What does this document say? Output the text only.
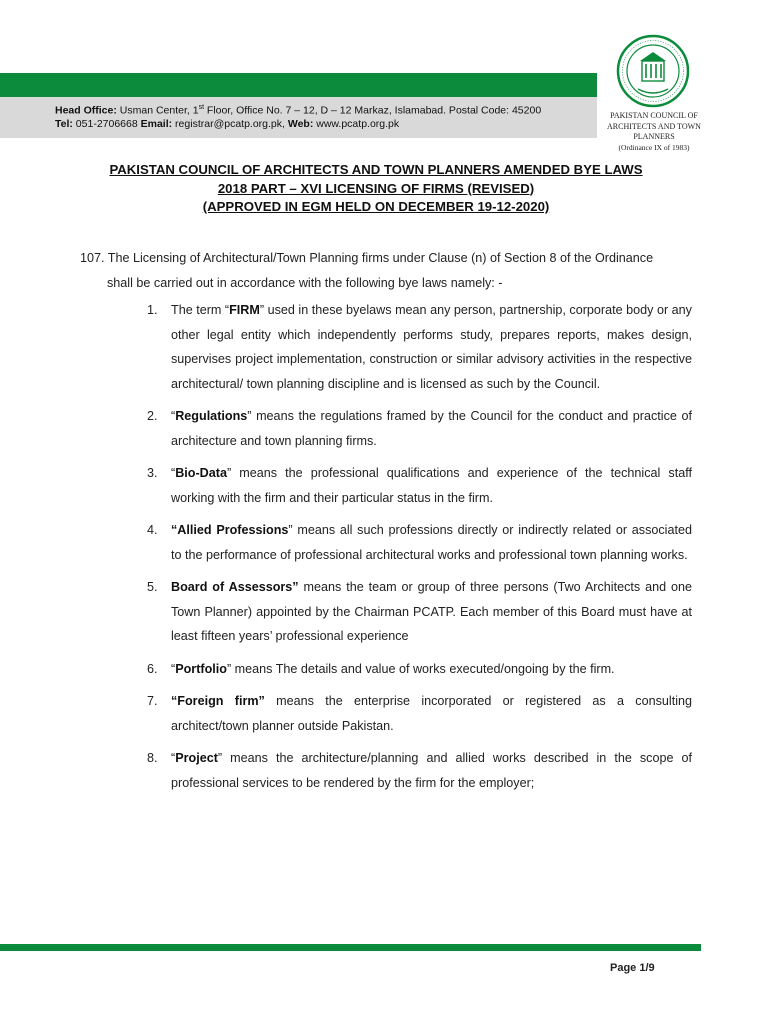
Head Office: Usman Center, 1st Floor, Office No. 7 – 12, D – 12 Markaz, Islamabad. Postal Code: 45200
Tel: 051-2706668 Email: registrar@pcatp.org.pk, Web: www.pcatp.org.pk
PAKISTAN COUNCIL OF
ARCHITECTS AND TOWN
PLANNERS
(Ordinance IX of 1983)
PAKISTAN COUNCIL OF ARCHITECTS AND TOWN PLANNERS AMENDED BYE LAWS
2018 PART – XVI LICENSING OF FIRMS (REVISED)
(APPROVED IN EGM HELD ON DECEMBER 19-12-2020)
107. The Licensing of Architectural/Town Planning firms under Clause (n) of Section 8 of the Ordinance
shall be carried out in accordance with the following bye laws namely: -
1. The term “FIRM” used in these byelaws mean any person, partnership, corporate body or any other legal entity which independently performs study, prepares reports, makes design, supervises project implementation, construction or similar advisory activities in the respective architectural/ town planning discipline and is licensed as such by the Council.
2. “Regulations” means the regulations framed by the Council for the conduct and practice of architecture and town planning firms.
3. “Bio-Data” means the professional qualifications and experience of the technical staff working with the firm and their particular status in the firm.
4. “Allied Professions” means all such professions directly or indirectly related or associated to the performance of professional architectural works and professional town planning works.
5. Board of Assessors” means the team or group of three persons (Two Architects and one Town Planner) appointed by the Chairman PCATP. Each member of this Board must have at least fifteen years’ professional experience
6. “Portfolio” means The details and value of works executed/ongoing by the firm.
7. “Foreign firm” means the enterprise incorporated or registered as a consulting architect/town planner outside Pakistan.
8. “Project” means the architecture/planning and allied works described in the scope of professional services to be rendered by the firm for the employer;
Page 1/9
